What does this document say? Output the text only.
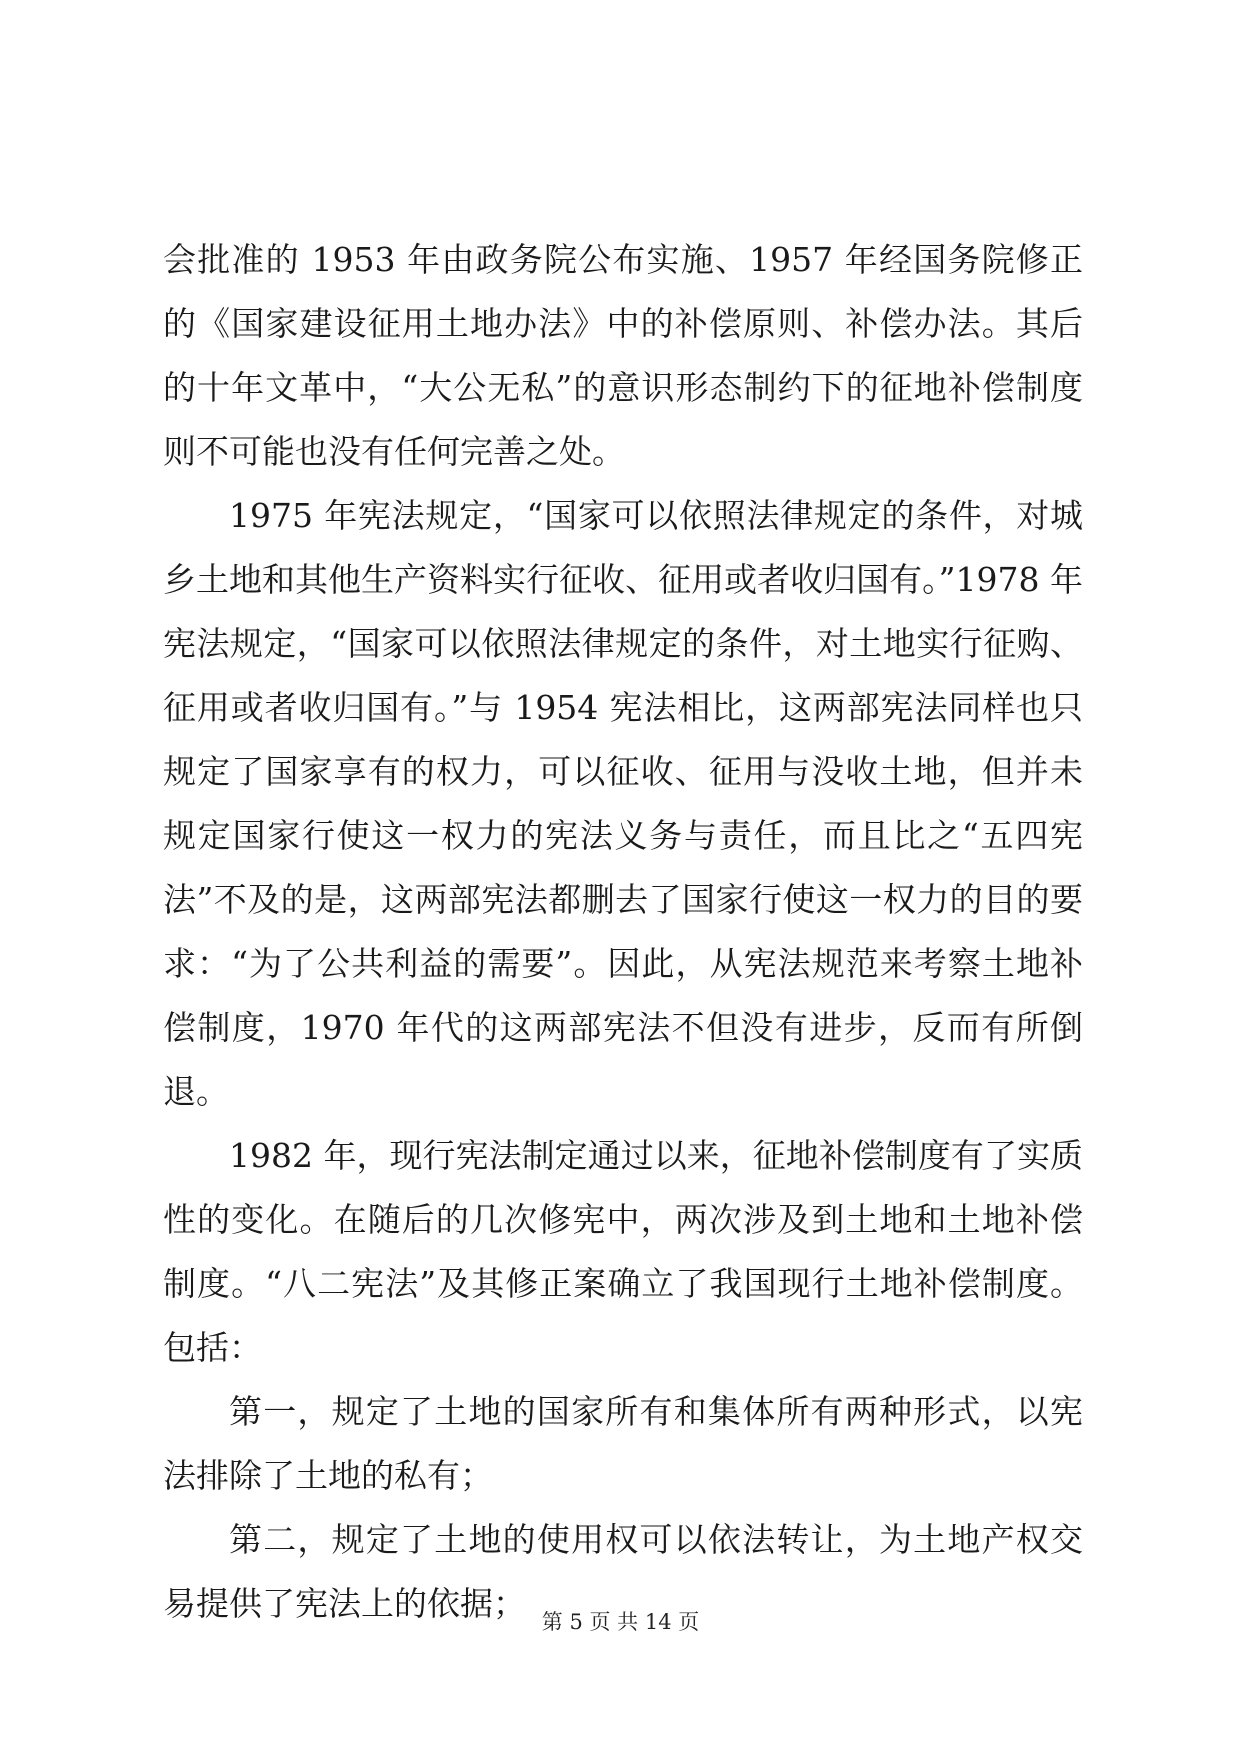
会批准的 1953 年由政务院公布实施、1957 年经国务院修正的《国家建设征用土地办法》中的补偿原则、补偿办法。其后的十年文革中，“大公无私”的意识形态制约下的征地补偿制度则不可能也没有任何完善之处。

1975 年宪法规定，“国家可以依照法律规定的条件，对城乡土地和其他生产资料实行征收、征用或者收归国有。”1978 年宪法规定，“国家可以依照法律规定的条件，对土地实行征购、征用或者收归国有。”与 1954 宪法相比，这两部宪法同样也只规定了国家享有的权力，可以征收、征用与没收土地，但并未规定国家行使这一权力的宪法义务与责任，而且比之“五四宪法”不及的是，这两部宪法都删去了国家行使这一权力的目的要求：“为了公共利益的需要”。因此，从宪法规范来考察土地补偿制度，1970 年代的这两部宪法不但没有进步，反而有所倒退。

1982 年，现行宪法制定通过以来，征地补偿制度有了实质性的变化。在随后的几次修宪中，两次涉及到土地和土地补偿制度。“八二宪法”及其修正案确立了我国现行土地补偿制度。包括：

第一，规定了土地的国家所有和集体所有两种形式，以宪法排除了土地的私有；

第二，规定了土地的使用权可以依法转让，为土地产权交易提供了宪法上的依据； 第 5 页 共 14 页
